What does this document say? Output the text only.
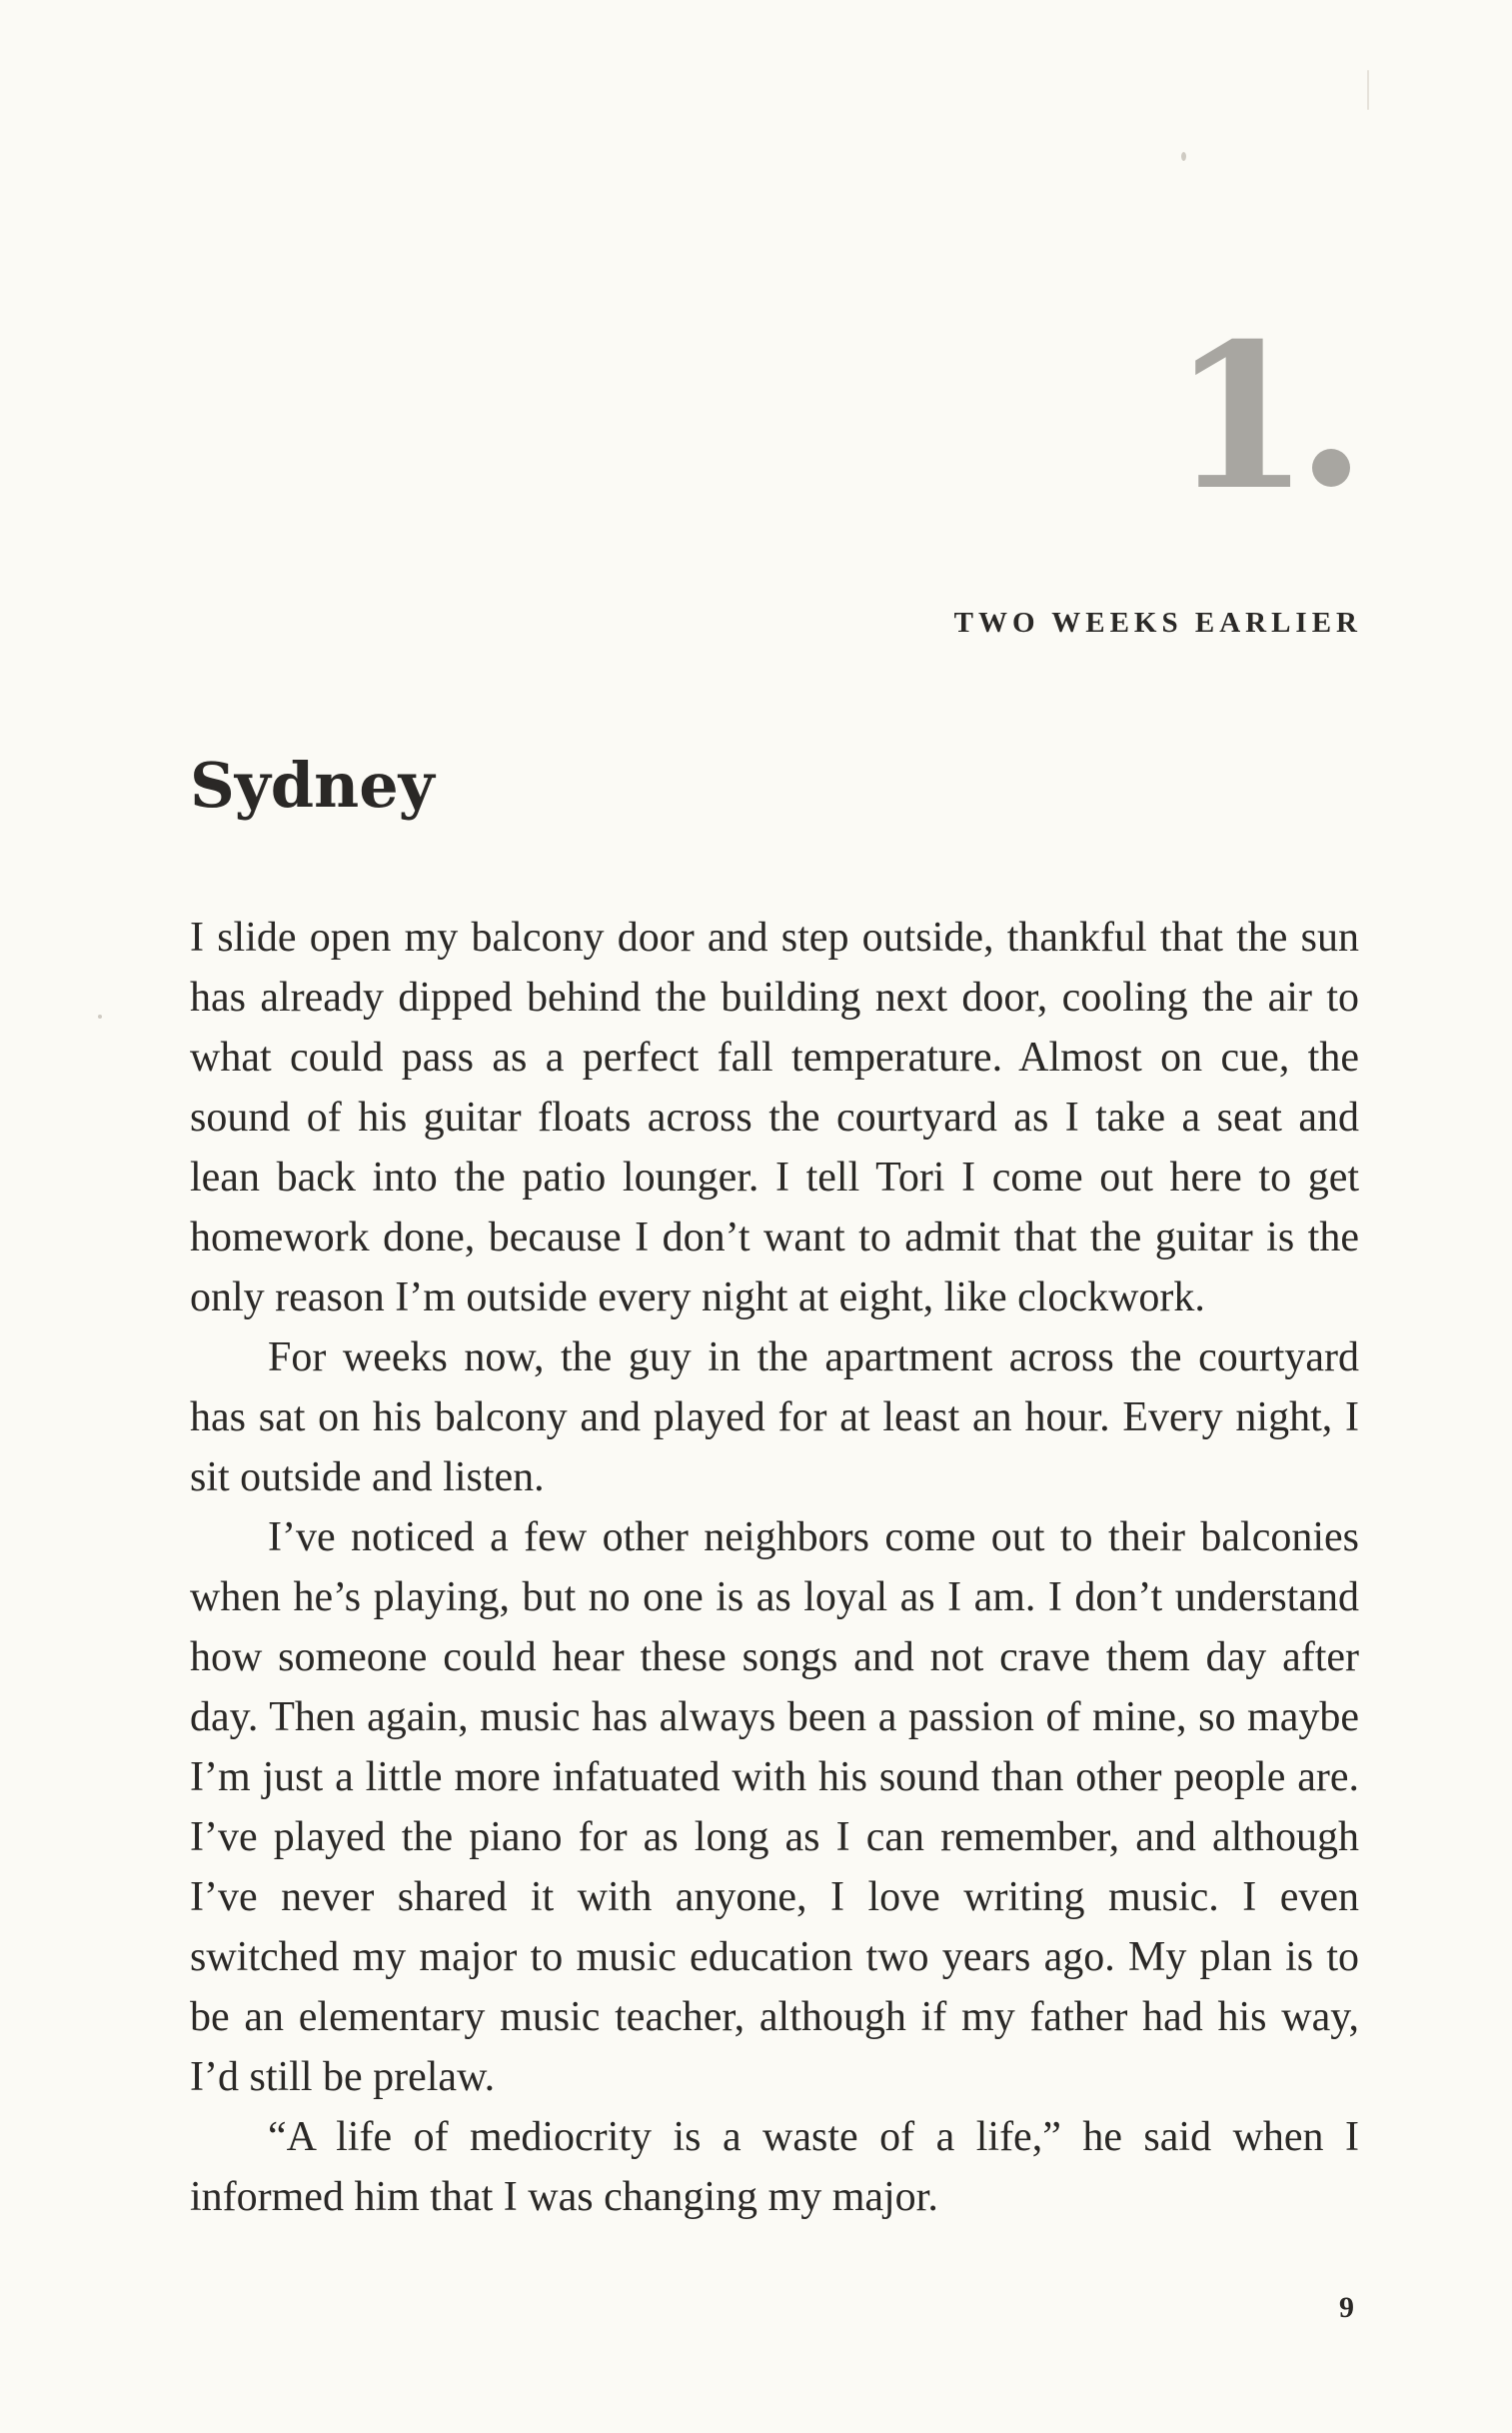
1
TWO WEEKS EARLIER
Sydney

I slide open my balcony door and step outside, thankful that the sun has already dipped behind the building next door, cooling the air to what could pass as a perfect fall temperature. Almost on cue, the sound of his guitar floats across the courtyard as I take a seat and lean back into the patio lounger. I tell Tori I come out here to get homework done, because I don’t want to admit that the guitar is the only reason I’m outside every night at eight, like clockwork.

For weeks now, the guy in the apartment across the courtyard has sat on his balcony and played for at least an hour. Every night, I sit outside and listen.

I’ve noticed a few other neighbors come out to their balconies when he’s playing, but no one is as loyal as I am. I don’t understand how someone could hear these songs and not crave them day after day. Then again, music has always been a passion of mine, so maybe I’m just a little more infatuated with his sound than other people are. I’ve played the piano for as long as I can remember, and although I’ve never shared it with anyone, I love writing music. I even switched my major to music education two years ago. My plan is to be an elementary music teacher, although if my father had his way, I’d still be prelaw.

“A life of mediocrity is a waste of a life,” he said when I informed him that I was changing my major.

9
